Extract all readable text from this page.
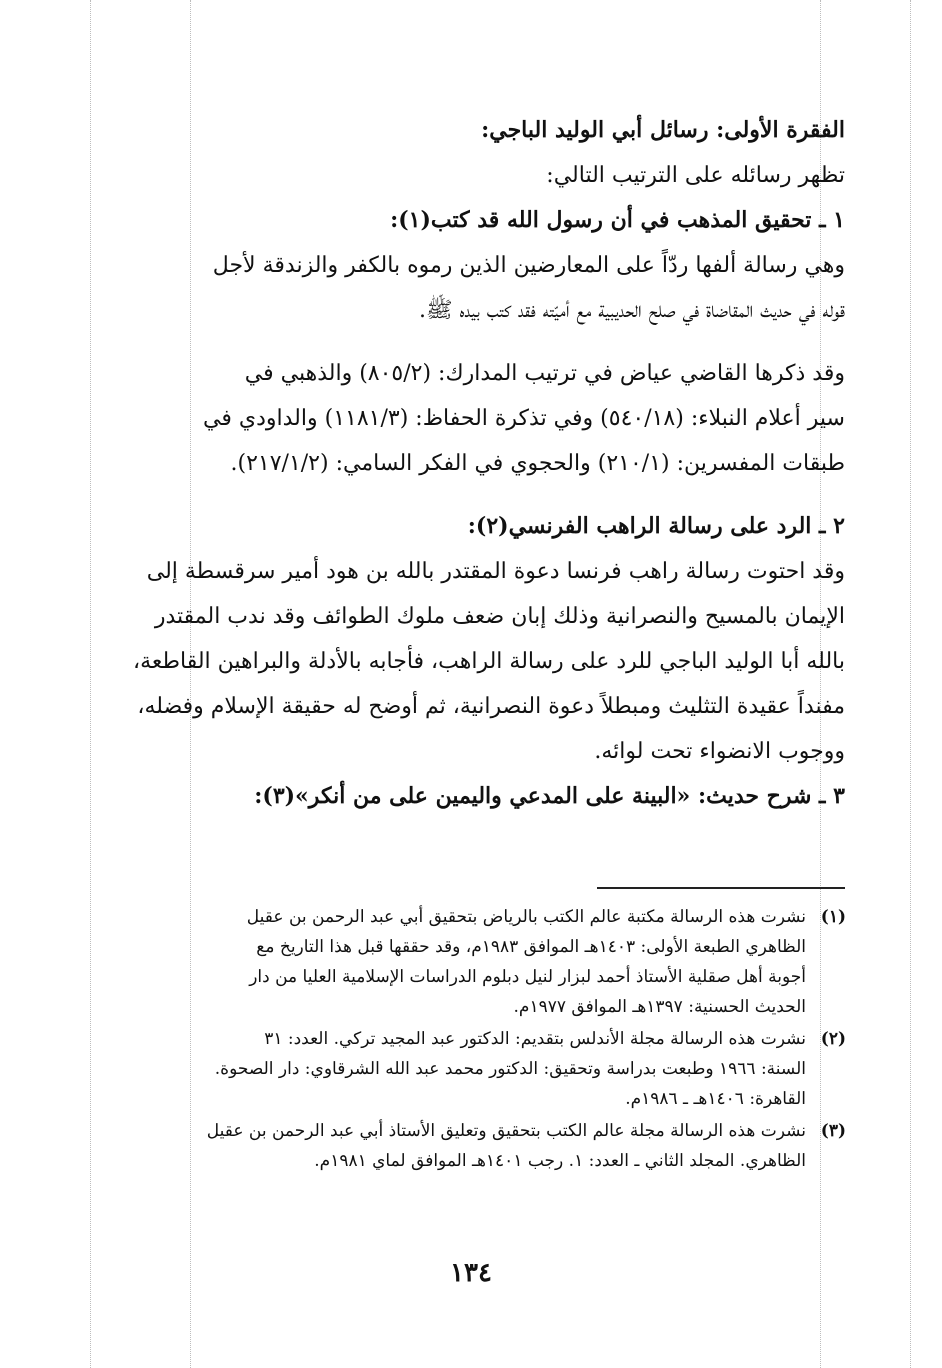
الفقرة الأولى: رسائل أبي الوليد الباجي:
تظهر رسائله على الترتيب التالي:
١ ـ تحقيق المذهب في أن رسول الله قد كتب(١):
وهي رسالة ألفها ردّاً على المعارضين الذين رموه بالكفر والزندقة لأجل
قوله في حديث المقاضاة في صلح الحديبية مع أميّته فقد كتب بيده ﷺ.
وقد ذكرها القاضي عياض في ترتيب المدارك: (٨٠٥/٢) والذهبي في
سير أعلام النبلاء: (٥٤٠/١٨) وفي تذكرة الحفاظ: (١١٨١/٣) والداودي في
طبقات المفسرين: (٢١٠/١) والحجوي في الفكر السامي: (٢١٧/١/٢).
٢ ـ الرد على رسالة الراهب الفرنسي(٢):
وقد احتوت رسالة راهب فرنسا دعوة المقتدر بالله بن هود أمير سرقسطة إلى
الإيمان بالمسيح والنصرانية وذلك إبان ضعف ملوك الطوائف وقد ندب المقتدر
بالله أبا الوليد الباجي للرد على رسالة الراهب، فأجابه بالأدلة والبراهين القاطعة،
مفنداً عقيدة التثليث ومبطلاً دعوة النصرانية، ثم أوضح له حقيقة الإسلام وفضله،
ووجوب الانضواء تحت لوائه.
٣ ـ شرح حديث: «البينة على المدعي واليمين على من أنكر»(٣):
(١)
نشرت هذه الرسالة مكتبة عالم الكتب بالرياض بتحقيق أبي عبد الرحمن بن عقيل
الظاهري الطبعة الأولى: ١٤٠٣هـ الموافق ١٩٨٣م، وقد حققها قبل هذا التاريخ مع
أجوبة أهل صقلية الأستاذ أحمد لبزار لنيل دبلوم الدراسات الإسلامية العليا من دار
الحديث الحسنية: ١٣٩٧هـ الموافق ١٩٧٧م.
(٢)
نشرت هذه الرسالة مجلة الأندلس بتقديم: الدكتور عبد المجيد تركي. العدد: ٣١
السنة: ١٩٦٦ وطبعت بدراسة وتحقيق: الدكتور محمد عبد الله الشرقاوي: دار الصحوة.
القاهرة: ١٤٠٦هـ ـ ١٩٨٦م.
(٣)
نشرت هذه الرسالة مجلة عالم الكتب بتحقيق وتعليق الأستاذ أبي عبد الرحمن بن عقيل
الظاهري. المجلد الثاني ـ العدد: ١. رجب ١٤٠١هـ الموافق لماي ١٩٨١م.
١٣٤
